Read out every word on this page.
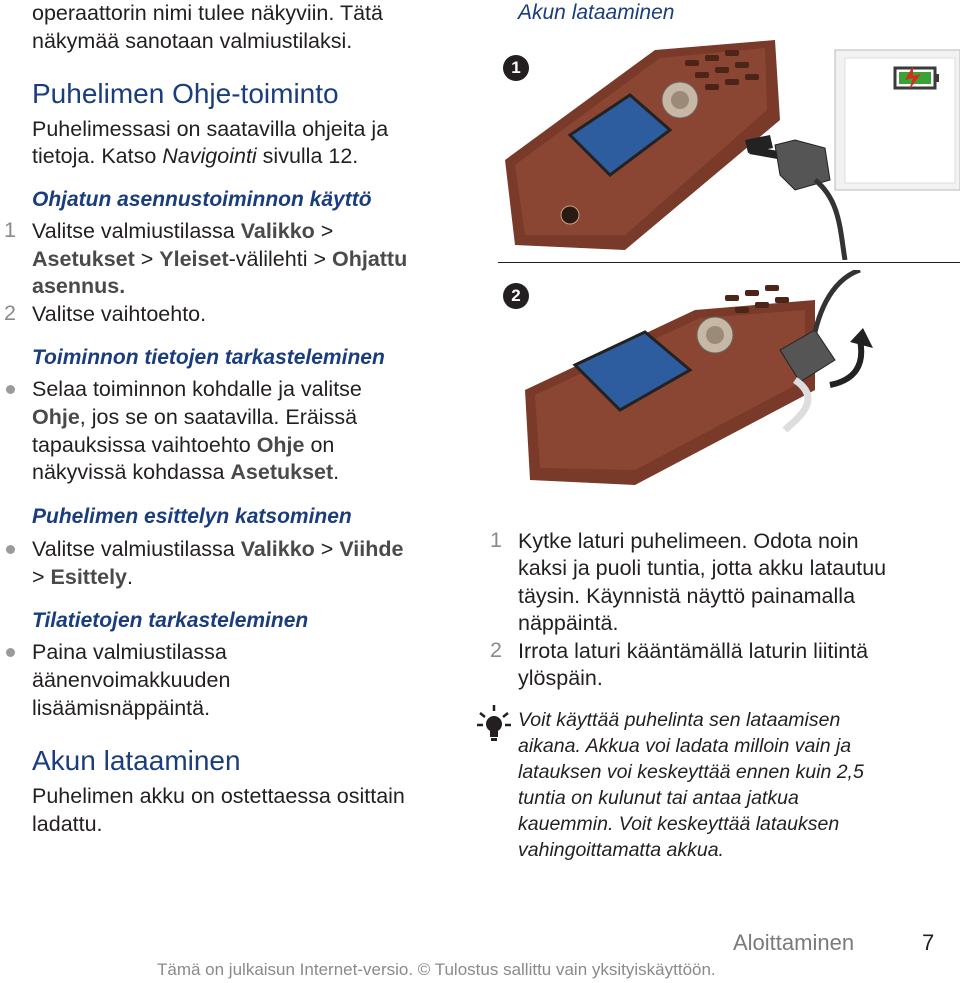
operaattorin nimi tulee näkyviin. Tätä

näkymää sanotaan valmiustilaksi.

Puhelimen Ohje-toiminto

Puhelimessasi on saatavilla ohjeita ja

tietoja. Katso Navigointi sivulla 12.

Ohjatun asennustoiminnon käyttö
1 Valitse valmiustilassa Valikko >

Asetukset > Yleiset-välilehti > Ohjattu

asennus.

2 Valitse vaihtoehto.

Toiminnon tietojen tarkasteleminen

Selaa toiminnon kohdalle ja valitse

Ohje, jos se on saatavilla. Eräissä

tapauksissa vaihtoehto Ohje on

näkyvissä kohdassa Asetukset.

Puhelimen esittelyn katsominen

Valitse valmiustilassa Valikko > Viihde

> Esittely.

Tilatietojen tarkasteleminen

Paina valmiustilassa

äänenvoimakkuuden

lisäämisnäppäintä.

Akun lataaminen

Puhelimen akku on ostettaessa osittain

ladattu.

Akun lataaminen

1
2
1 Kytke laturi puhelimeen. Odota noin

kaksi ja puoli tuntia, jotta akku latautuu

täysin. Käynnistä näyttö painamalla

näppäintä.

2 Irrota laturi kääntämällä laturin liitintä

ylöspäin.

Voit käyttää puhelinta sen lataamisen

aikana. Akkua voi ladata milloin vain ja

latauksen voi keskeyttää ennen kuin 2,5

tuntia on kulunut tai antaa jatkua

kauemmin. Voit keskeyttää latauksen

vahingoittamatta akkua.

Aloittaminen	7
Tämä on julkaisun Internet-versio. © Tulostus sallittu vain yksityiskäyttöön.
